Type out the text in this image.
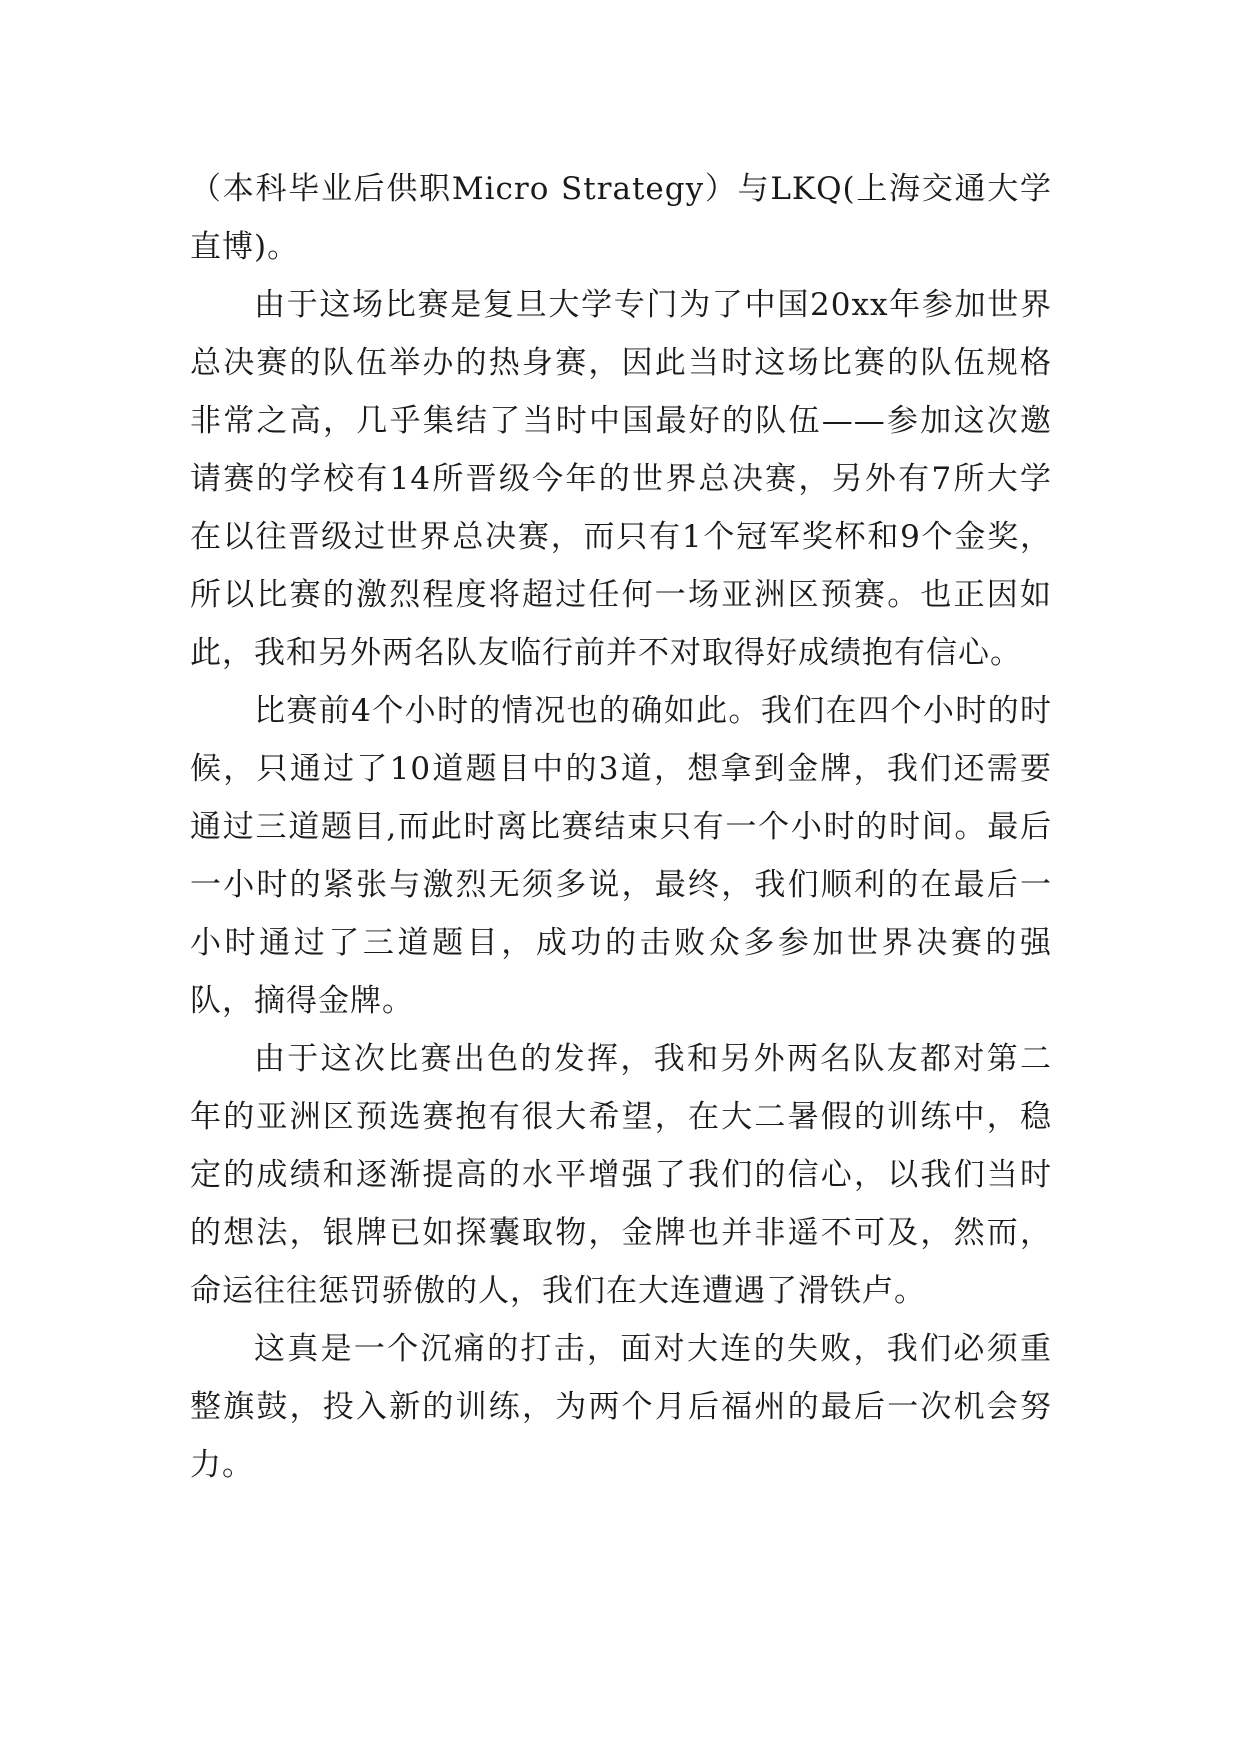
（本科毕业后供职Micro Strategy）与LKQ(上海交通大学直博)。

由于这场比赛是复旦大学专门为了中国20xx年参加世界总决赛的队伍举办的热身赛，因此当时这场比赛的队伍规格非常之高，几乎集结了当时中国最好的队伍——参加这次邀请赛的学校有14所晋级今年的世界总决赛，另外有7所大学在以往晋级过世界总决赛，而只有1个冠军奖杯和9个金奖，所以比赛的激烈程度将超过任何一场亚洲区预赛。也正因如此，我和另外两名队友临行前并不对取得好成绩抱有信心。

比赛前4个小时的情况也的确如此。我们在四个小时的时候，只通过了10道题目中的3道，想拿到金牌，我们还需要通过三道题目,而此时离比赛结束只有一个小时的时间。最后一小时的紧张与激烈无须多说，最终，我们顺利的在最后一小时通过了三道题目，成功的击败众多参加世界决赛的强队，摘得金牌。

由于这次比赛出色的发挥，我和另外两名队友都对第二年的亚洲区预选赛抱有很大希望，在大二暑假的训练中，稳定的成绩和逐渐提高的水平增强了我们的信心，以我们当时的想法，银牌已如探囊取物，金牌也并非遥不可及，然而，命运往往惩罚骄傲的人，我们在大连遭遇了滑铁卢。

这真是一个沉痛的打击，面对大连的失败，我们必须重整旗鼓，投入新的训练，为两个月后福州的最后一次机会努力。
